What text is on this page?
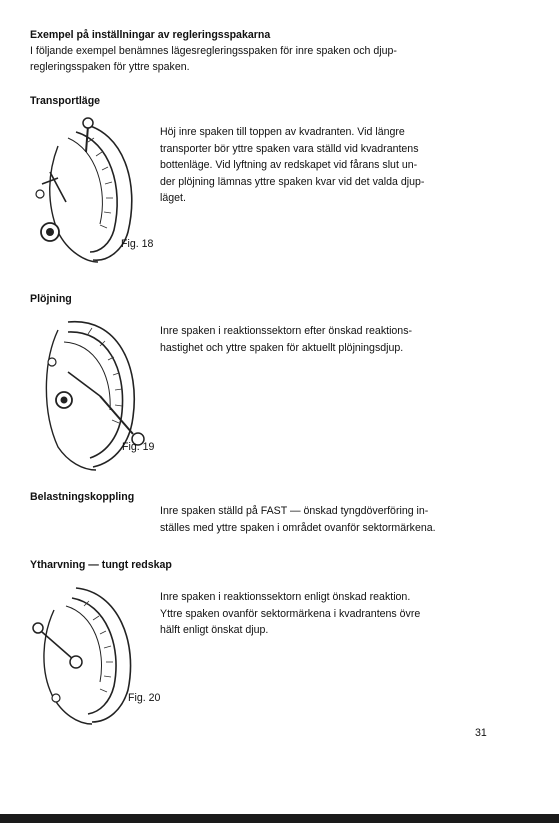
Exempel på inställningar av regleringsspakarna
I följande exempel benämnes lägesregleringsspaken för inre spaken och djup-
regleringsspaken för yttre spaken.
Transportläge
Höj inre spaken till toppen av kvadranten. Vid längre
transporter bör yttre spaken vara ställd vid kvadrantens
bottenläge. Vid lyftning av redskapet vid fårans slut un-
der plöjning lämnas yttre spaken kvar vid det valda djup-
läget.
Fig. 18
Plöjning
Inre spaken i reaktionssektorn efter önskad reaktions-
hastighet och yttre spaken för aktuellt plöjningsdjup.
Fig. 19
Belastningskoppling
Inre spaken ställd på FAST — önskad tyngdöverföring in-
ställes med yttre spaken i området ovanför sektormärkena.
Ytharvning — tungt redskap
Inre spaken i reaktionssektorn enligt önskad reaktion.
Yttre spaken ovanför sektormärkena i kvadrantens övre
hälft enligt önskat djup.
Fig. 20
31
